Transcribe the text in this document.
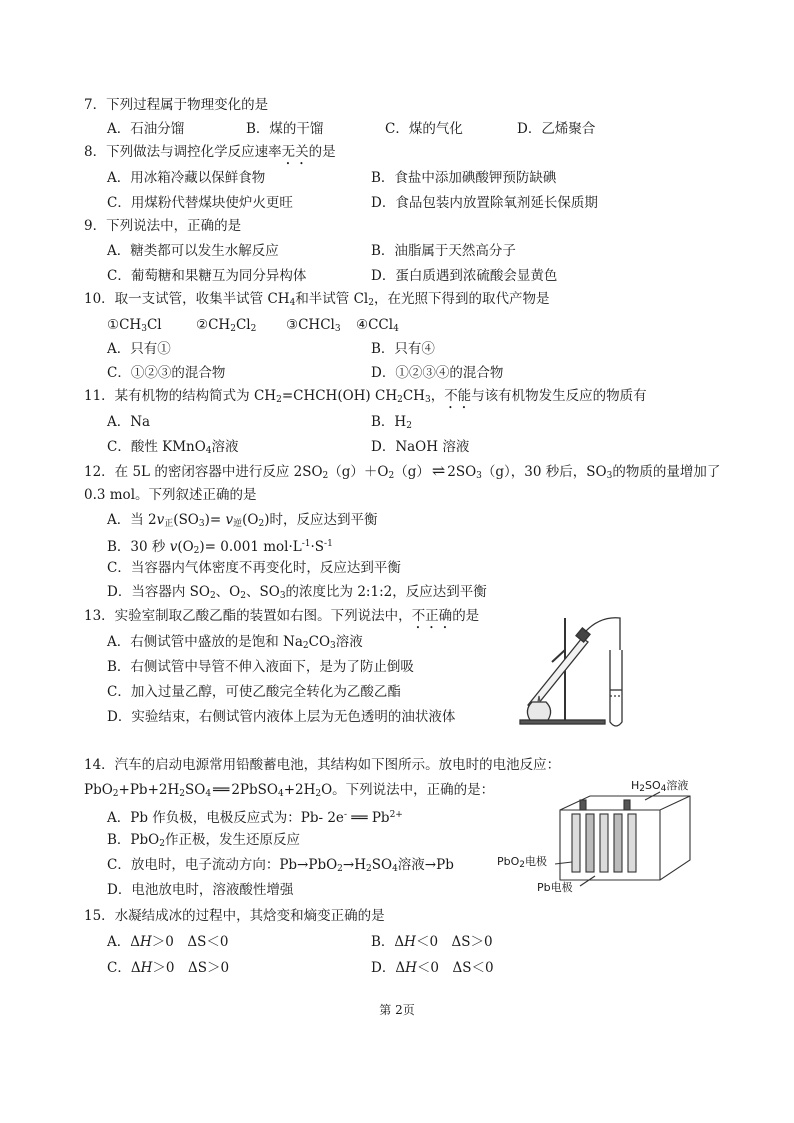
7．下列过程属于物理变化的是
A．石油分馏	B．煤的干馏	C．煤的气化	D．乙烯聚合
8．下列做法与调控化学反应速率无关的是
A．用冰箱冷藏以保鲜食物	B．食盐中添加碘酸钾预防缺碘
C．用煤粉代替煤块使炉火更旺	D．食品包装内放置除氧剂延长保质期
9．下列说法中，正确的是
A．糖类都可以发生水解反应	B．油脂属于天然高分子
C．葡萄糖和果糖互为同分异构体	D．蛋白质遇到浓硫酸会显黄色
10．取一支试管，收集半试管 $CH_4$和半试管 $Cl_2$，在光照下得到的取代产物是
$①CH_3Cl$	$②CH_2Cl_2$ ③CHCl$_3$ ④CCl$_4$
A．只有①	B．只有④
C．①②③的混合物	D．①②③④的混合物
11．某有机物的结构简式为 $CH_2=CHCH(OH)$ $CH_2CH_3$，不能与该有机物发生反应的物质有
A．Na	B．$H_2$
C．酸性 KMnO$_4$溶液	D．NaOH 溶液
12．在 5L 的密闭容器中进行反应 $2SO_2(g)+O_2(g)$ ⇌ $2SO_3(g)$，30 秒后，$SO_3$的物质的量增加了
0.3 mol。下列叙述正确的是
A．当 $2v_正(SO_3)= v_逆(O_2)$时，反应达到平衡
B．30 秒 $v(O_2)= 0.001$ $mol\cdot L^{-1}\cdot S^{-1}$
C．当容器内气体密度不再变化时，反应达到平衡
D．当容器内 $SO_2$、$O_2$、$SO_3$的浓度比为 2:1:2，反应达到平衡
13．实验室制取乙酸乙酯的装置如右图。下列说法中，不正确的是
A．右侧试管中盛放的是饱和 $Na_2CO_3$溶液
B．右侧试管中导管不伸入液面下，是为了防止倒吸
C．加入过量乙醇，可使乙酸完全转化为乙酸乙酯
D．实验结束，右侧试管内液体上层为无色透明的油状液体
14．汽车的启动电源常用铅酸蓄电池，其结构如下图所示。放电时的电池反应：
$PbO_2+Pb+2H_2SO_4$ ══ $2PbSO_4+2H_2O$。下列说法中，正确的是：
A．Pb 作负极，电极反应式为：Pb- 2e- ══ $Pb^{2+}$
B．PbO$_2$作正极，发生还原反应
C．放电时，电子流动方向：$Pb\to PbO_2\to H_2SO_4$溶液→Pb
D．电池放电时，溶液酸性增强
$H_2SO_4$溶液
PbO$_2$电极
Pb电极
15．水凝结成冰的过程中，其焓变和熵变正确的是
A．ΔH＞0　ΔS＜0	B．ΔH＜0　ΔS＞0
C．ΔH＞0　ΔS＞0	D．ΔH＜0　ΔS＜0
第 2页
